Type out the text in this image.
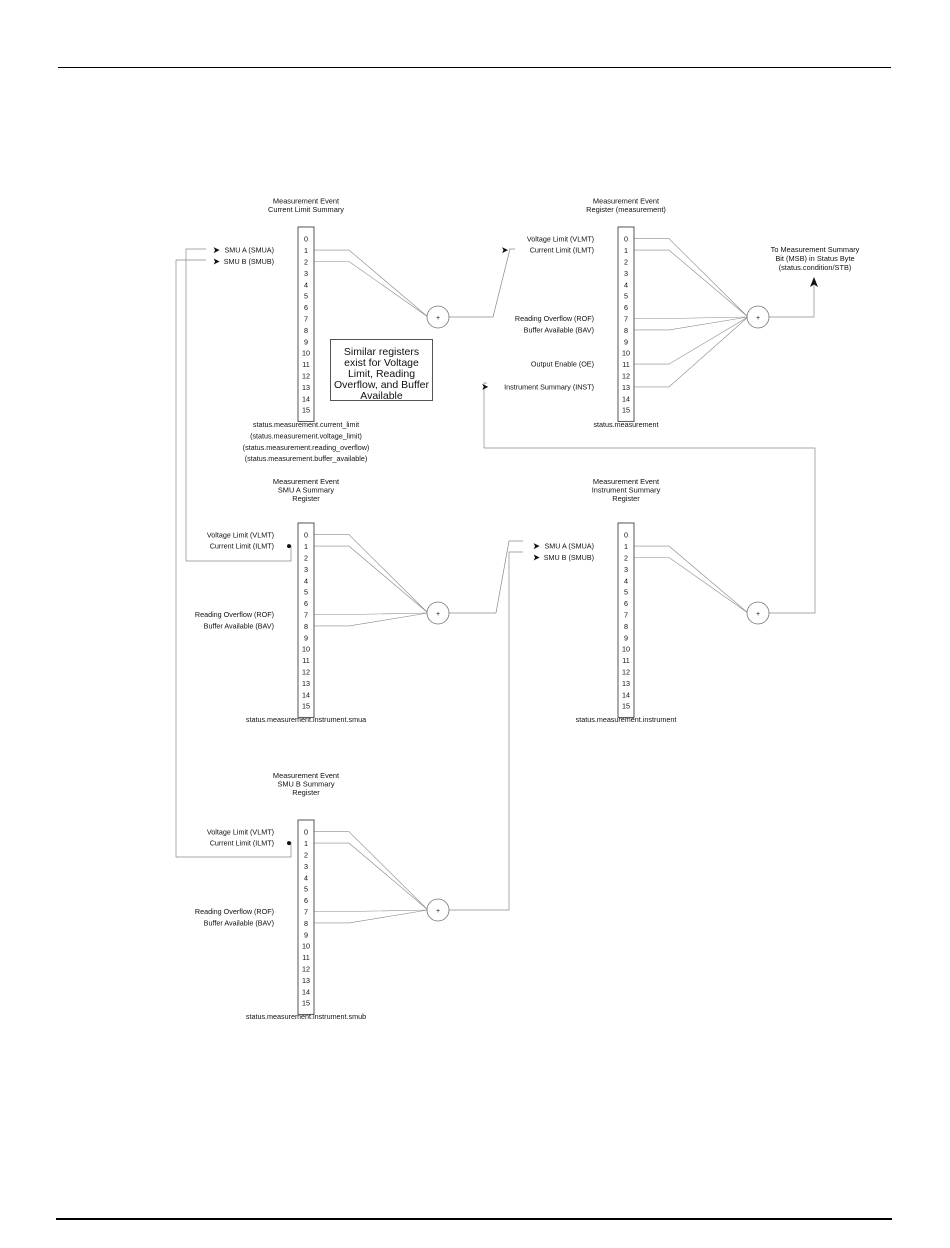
0
1
2
3
4
5
6
7
8
9
10
11
12
13
14
15
0
1
2
3
4
5
6
7
8
9
10
11
12
13
14
15
0
1
2
3
4
5
6
7
8
9
10
11
12
13
14
15
0
1
2
3
4
5
6
7
8
9
10
11
12
13
14
15
0
1
2
3
4
5
6
7
8
9
10
11
12
13
14
15
+	+
+	+
+
Measurement Event
Current Limit Summary
status.measurement.current_limit
(status.measurement.voltage_limit)
(status.measurement.reading_overflow)
(status.measurement.buffer_available)
SMU A (SMUA)
SMU B (SMUB)
Measurement Event
Register (measurement)
status.measurement
Voltage Limit (VLMT)
Current Limit (ILMT)
Reading Overflow (ROF)
Buffer Available (BAV)
Output Enable (OE)
Instrument Summary (INST)
Measurement Event
SMU A Summary
Register
status.measurement.instrument.smua
Voltage Limit (VLMT)
Current Limit (ILMT)
Reading Overflow (ROF)
Buffer Available (BAV)
Measurement Event
Instrument Summary
Register
status.measurement.instrument
SMU A (SMUA)
SMU B (SMUB)
Measurement Event
SMU B Summary
Register
status.measurement.instrument.smub
Voltage Limit (VLMT)
Current Limit (ILMT)
Reading Overflow (ROF)
Buffer Available (BAV)
To Measurement Summary
Bit (MSB) in Status Byte
(status.condition/STB)
Similar registers
exist for Voltage
Limit, Reading
Overflow, and Buffer
Available
